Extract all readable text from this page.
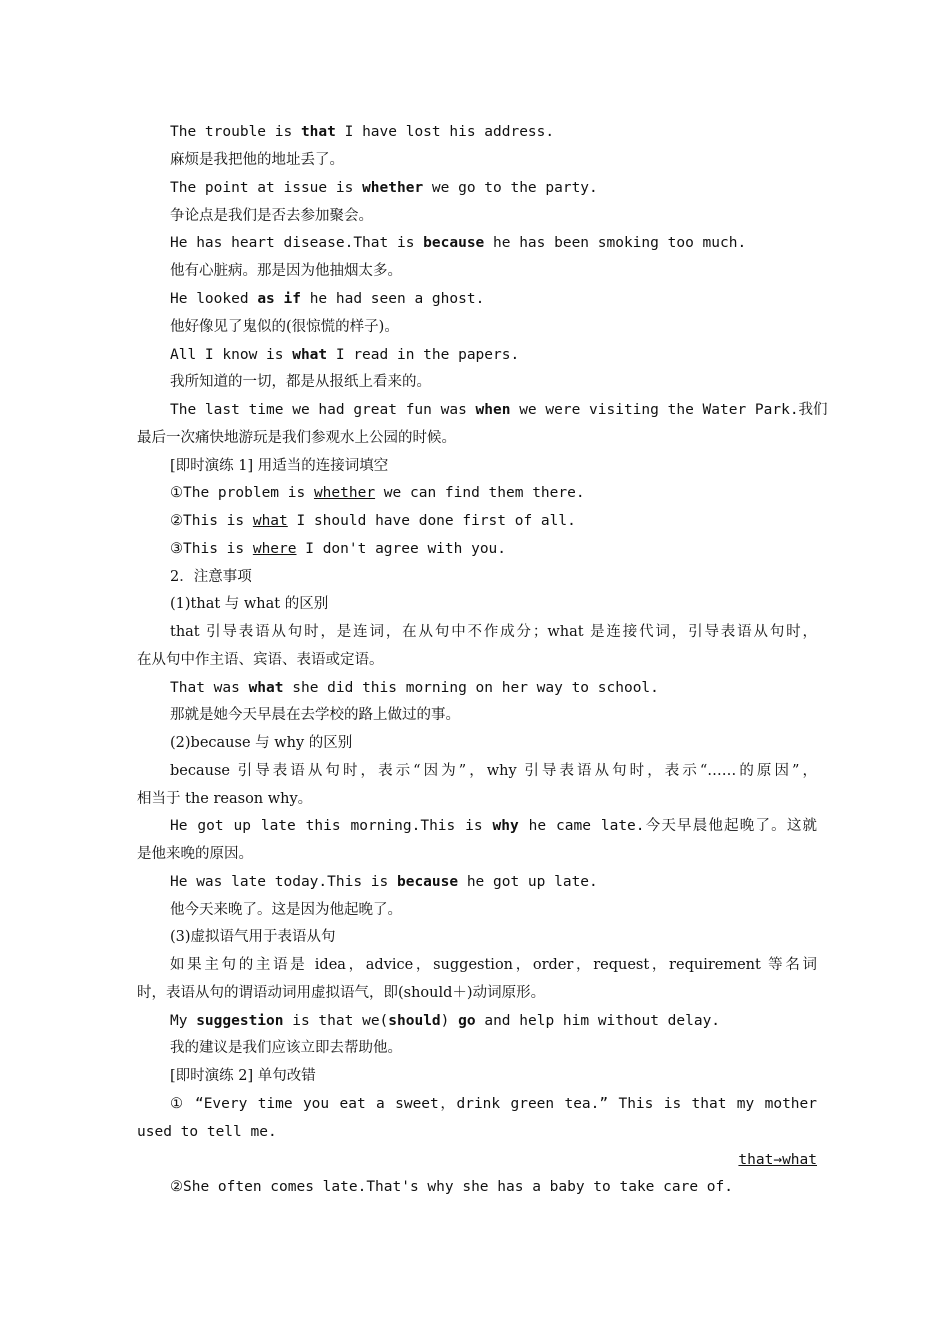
The trouble is that I have lost his address.
麻烦是我把他的地址丢了。
The point at issue is whether we go to the party.
争论点是我们是否去参加聚会。
He has heart disease.That is because he has been smoking too much.
他有心脏病。那是因为他抽烟太多。
He looked as if he had seen a ghost.
他好像见了鬼似的(很惊慌的样子)。
All I know is what I read in the papers.
我所知道的一切，都是从报纸上看来的。
The last time we had great fun was when we were visiting the Water Park.我们
最后一次痛快地游玩是我们参观水上公园的时候。
[即时演练 1] 用适当的连接词填空
①The problem is whether we can find them there.
②This is what I should have done first of all.
③This is where I don't agree with you.
2．注意事项
(1)that 与 what 的区别
that 引导表语从句时，是连词，在从句中不作成分；what 是连接代词，引导表语从句时，
在从句中作主语、宾语、表语或定语。
That was what she did this morning on her way to school.
那就是她今天早晨在去学校的路上做过的事。
(2)because 与 why 的区别
because 引导表语从句时，表示“因为”，why 引导表语从句时，表示“……的原因”，
相当于 the reason why。
He got up late this morning.This is why he came late.今天早晨他起晚了。这就
是他来晚的原因。
He was late today.This is because he got up late.
他今天来晚了。这是因为他起晚了。
(3)虚拟语气用于表语从句
如果主句的主语是 idea，advice，suggestion，order，request，requirement 等名词
时，表语从句的谓语动词用虚拟语气，即(should＋)动词原形。
My suggestion is that we(should) go and help him without delay.
我的建议是我们应该立即去帮助他。
[即时演练 2] 单句改错
① “Every time you eat a sweet，drink green tea.” This is that my mother
used to tell me.
that→what
②She often comes late.That's why she has a baby to take care of.
